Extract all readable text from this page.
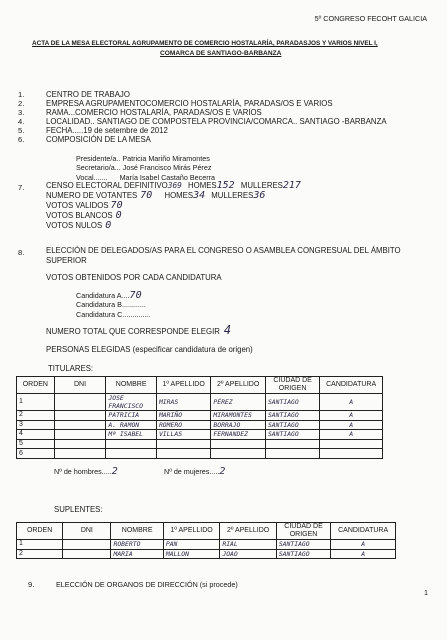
5º CONGRESO FECOHT GALICIA
ACTA DE LA MESA ELECTORAL AGRUPAMENTO DE COMERCIO HOSTALARÍA, PARADASJOS Y VARIOS NIVEL I,
COMARCA DE SANTIAGO-BARBANZA
1.	CENTRO DE TRABAJO
2.	EMPRESA AGRUPAMENTOCOMERCIO HOSTALARÍA, PARADAS/OS E VARIOS
3.	RAMA...COMERCIO HOSTALARÍA, PARADAS/OS E VARIOS
4.	LOCALIDAD.. SANTIAGO DE COMPOSTELA PROVINCIA/COMARCA.. SANTIAGO -BARBANZA
5.	FECHA.....19 de setembre de 2012
6.	COMPOSICIÓN DE LA MESA
Presidente/a.. Patricia Mariño Miramontes
Secretario/a... José Francisco Mirás Pérez
Vocal....... María Isabel Castaño Becerra
7.	CENSO ELECTORAL DEFINITIVO369 HOMES152 MULLERES217
NUMERO DE VOTANTES 70 HOMES34 MULLERES36
VOTOS VALIDOS 70
VOTOS BLANCOS 0
VOTOS NULOS 0
8.	ELECCIÓN DE DELEGADOS/AS PARA EL CONGRESO O ASAMBLEA CONGRESUAL DEL ÁMBITO
SUPERIOR
VOTOS OBTENIDOS POR CADA CANDIDATURA
Candidatura A....70
Candidatura B............
Candidatura C..............
NUMERO TOTAL QUE CORRESPONDE ELEGIR 4
PERSONAS ELEGIDAS (especificar candidatura de origen)
TITULARES:
ORDEN	DNI	NOMBRE	1º APELLIDO	2º APELLIDO	CIUDAD DE ORIGEN	CANDIDATURA
1		JOSE FRANCISCO	MIRAS	PÉREZ	SANTIAGO	A
2		PATRICIA	MARIÑO	MIRAMONTES	SANTIAGO	A
3		A. RAMON	ROMERO	BORRAJO	SANTIAGO	A
4		Mª ISABEL	VILLAS	FERNANDEZ	SANTIAGO	A
5						
6						
Nº de hombres.....2	Nº de mujeres.....2
SUPLENTES:
ORDEN	DNI	NOMBRE	1º APELLIDO	2º APELLIDO	CIUDAD DE ORIGEN	CANDIDATURA
1		ROBERTO	PAN	RIAL	SANTIAGO	A
2		MARIA	MALLON	JOAO	SANTIAGO	A
9.	ELECCIÓN DE ORGANOS DE DIRECCIÓN (si procede)
1
